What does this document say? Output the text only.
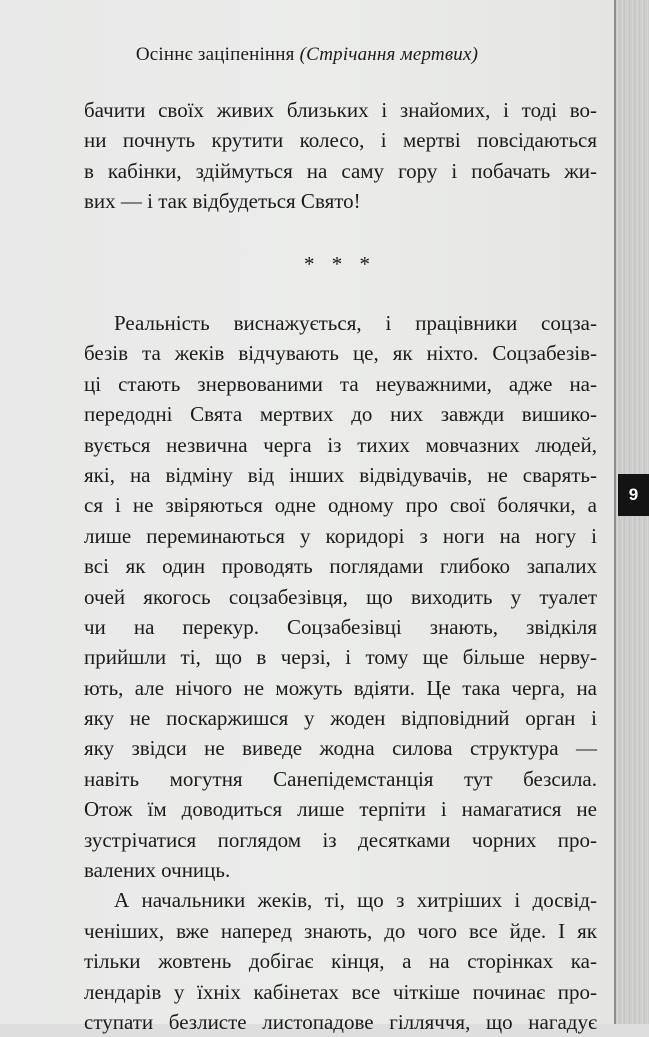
Осіннє заціпеніння (Стрічання мертвих)
бачити своїх живих близьких і знайомих, і тоді во-
ни почнуть крутити колесо, і мертві повсідаються
в кабінки, здіймуться на саму гору і побачать жи-
вих — і так відбудеться Свято!
* * *
Реальність виснажується, і працівники соцза-
безів та жеків відчувають це, як ніхто. Соцзабезів-
ці стають знервованими та неуважними, адже на-
передодні Свята мертвих до них завжди вишико-
вується незвична черга із тихих мовчазних людей,
які, на відміну від інших відвідувачів, не сварять-
ся і не звіряються одне одному про свої болячки, а
лише переминаються у коридорі з ноги на ногу і
всі як один проводять поглядами глибоко запалих
очей якогось соцзабезівця, що виходить у туалет
чи на перекур. Соцзабезівці знають, звідкіля
прийшли ті, що в черзі, і тому ще більше нерву-
ють, але нічого не можуть вдіяти. Це така черга, на
яку не поскаржишся у жоден відповідний орган і
яку звідси не виведе жодна силова структура —
навіть могутня Санепідемстанція тут безсила.
Отож їм доводиться лише терпіти і намагатися не
зустрічатися поглядом із десятками чорних про-
валених очниць.
А начальники жеків, ті, що з хитріших і досвід-
ченіших, вже наперед знають, до чого все йде. І як
тільки жовтень добігає кінця, а на сторінках ка-
лендарів у їхніх кабінетах все чіткіше починає про-
ступати безлисте листопадове гілляччя, що нагадує
9
